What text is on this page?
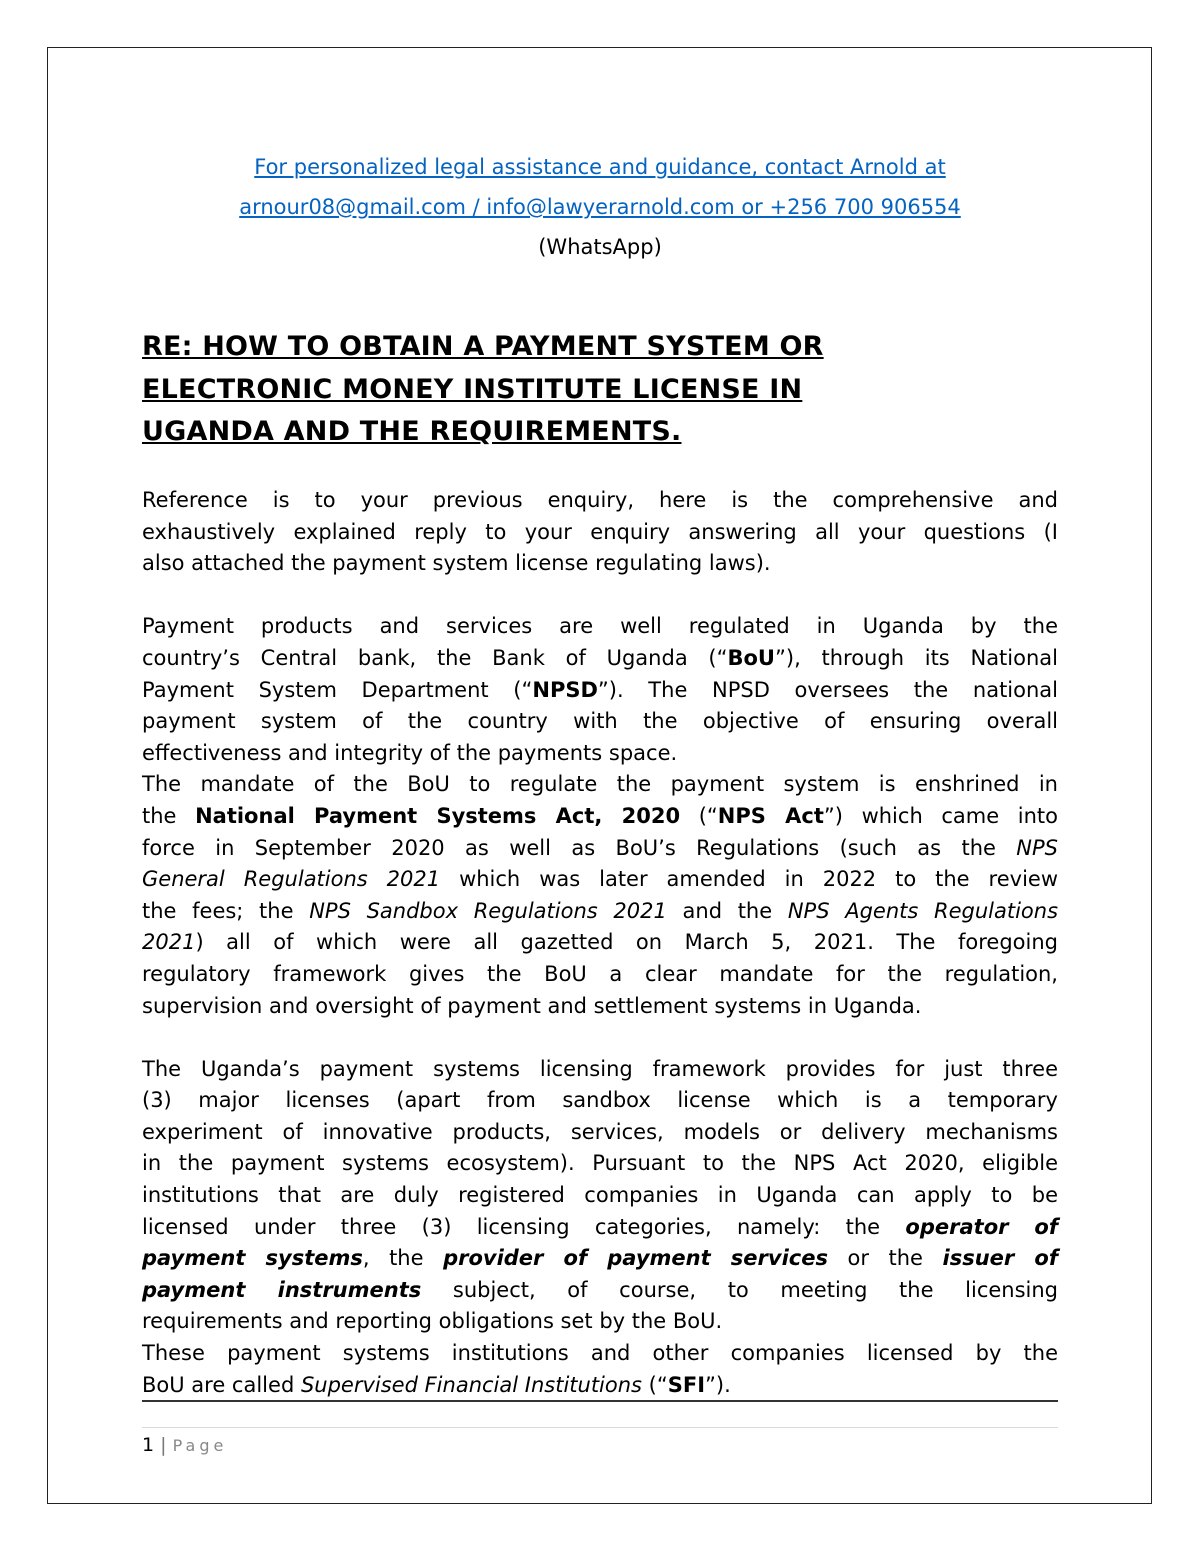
For personalized legal assistance and guidance, contact Arnold at
arnour08@gmail.com / info@lawyerarnold.com or +256 700 906554
(WhatsApp)
RE: HOW TO OBTAIN A PAYMENT SYSTEM OR
ELECTRONIC MONEY INSTITUTE LICENSE IN
UGANDA AND THE REQUIREMENTS.
Reference is to your previous enquiry, here is the comprehensive and
exhaustively explained reply to your enquiry answering all your questions (I
also attached the payment system license regulating laws).
Payment products and services are well regulated in Uganda by the
country’s Central bank, the Bank of Uganda (“BoU”), through its National
Payment System Department (“NPSD”). The NPSD oversees the national
payment system of the country with the objective of ensuring overall
effectiveness and integrity of the payments space.
The mandate of the BoU to regulate the payment system is enshrined in
the National Payment Systems Act, 2020 (“NPS Act”) which came into
force in September 2020 as well as BoU’s Regulations (such as the NPS
General Regulations 2021 which was later amended in 2022 to the review
the fees; the NPS Sandbox Regulations 2021 and the NPS Agents Regulations
2021) all of which were all gazetted on March 5, 2021. The foregoing
regulatory framework gives the BoU a clear mandate for the regulation,
supervision and oversight of payment and settlement systems in Uganda.
The Uganda’s payment systems licensing framework provides for just three
(3) major licenses (apart from sandbox license which is a temporary
experiment of innovative products, services, models or delivery mechanisms
in the payment systems ecosystem). Pursuant to the NPS Act 2020, eligible
institutions that are duly registered companies in Uganda can apply to be
licensed under three (3) licensing categories, namely: the operator of
payment systems, the provider of payment services or the issuer of
payment instruments subject, of course, to meeting the licensing
requirements and reporting obligations set by the BoU.
These payment systems institutions and other companies licensed by the
BoU are called Supervised Financial Institutions (“SFI”).
1 | Page
